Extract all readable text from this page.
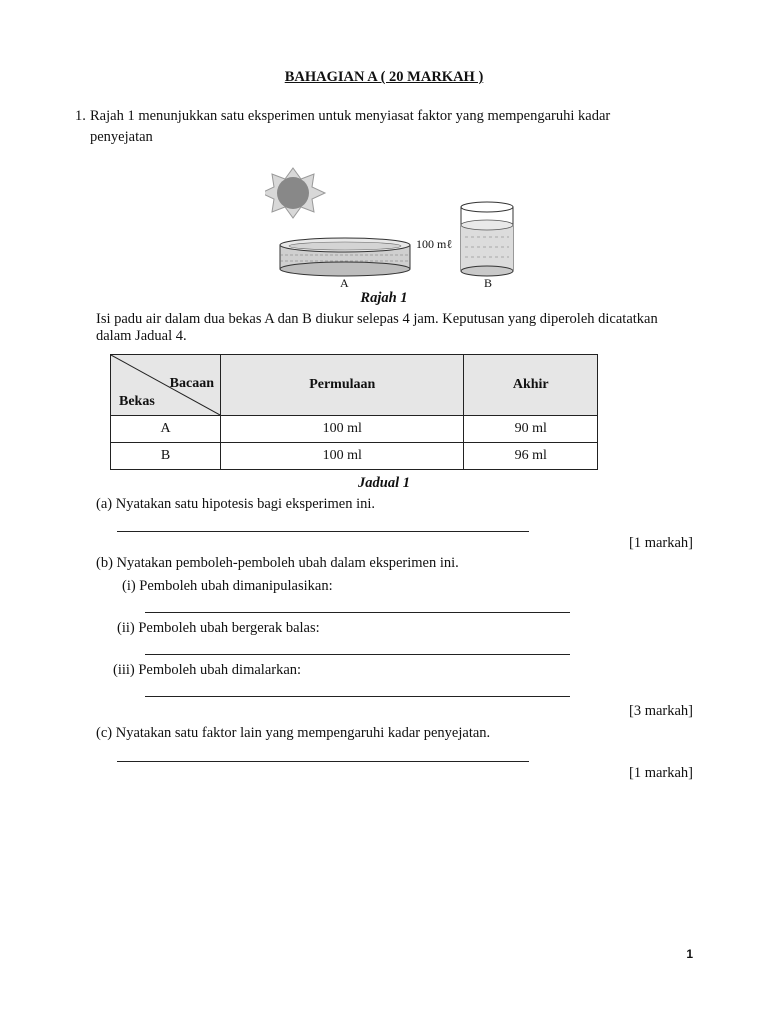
BAHAGIAN A ( 20 MARKAH )
1. Rajah 1 menunjukkan satu eksperimen untuk menyiasat faktor yang mempengaruhi kadar
penyejatan
100 mℓ
A	B
Rajah 1
Isi padu air dalam dua bekas A dan B diukur selepas 4 jam. Keputusan yang diperoleh dicatatkan
dalam Jadual 4.
Bacaan
Bekas	Permulaan	Akhir
A	100 ml	90 ml
B	100 ml	96 ml
Jadual 1
(a) Nyatakan satu hipotesis bagi eksperimen ini.
[1 markah]
(b) Nyatakan pemboleh-pemboleh ubah dalam eksperimen ini.
(i) Pemboleh ubah dimanipulasikan:
(ii) Pemboleh ubah bergerak balas:
(iii) Pemboleh ubah dimalarkan:
[3 markah]
(c) Nyatakan satu faktor lain yang mempengaruhi kadar penyejatan.
[1 markah]
1
